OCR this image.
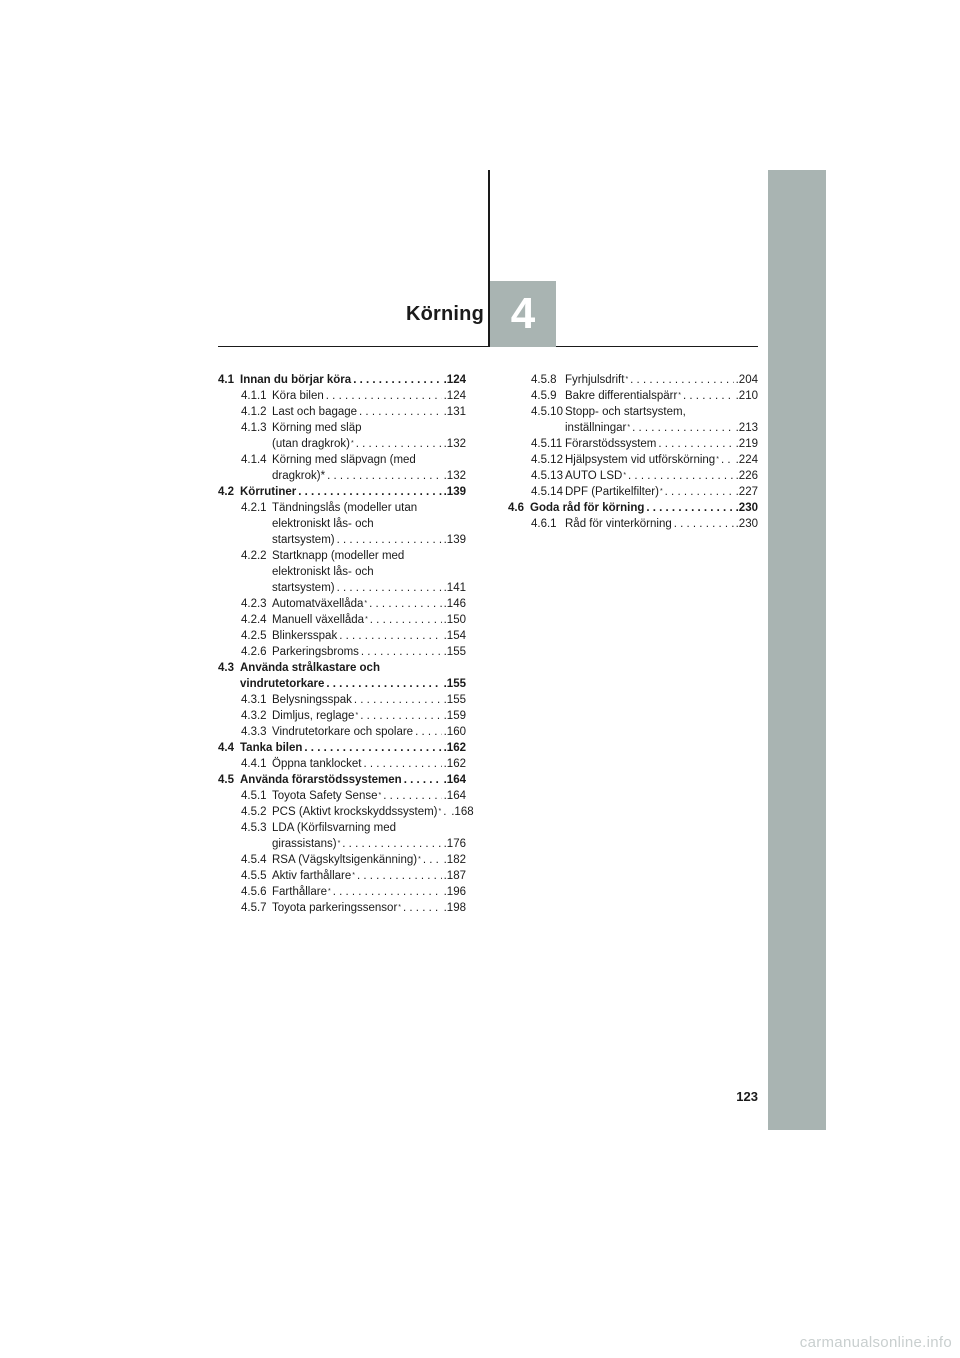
Körning 4
4.1 Innan du börjar köra . . .	.124
4.1.1 Köra bilen . . .	.124
4.1.2 Last och bagage . . .	.131
4.1.3 Körning med släp
(utan dragkrok) * . . .	.132
4.1.4 Körning med släpvagn (med
dragkrok)* . . .	.132
4.2 Körrutiner . . .	.139
4.2.1 Tändningslås (modeller utan
elektroniskt lås- och
startsystem) . . .	.139
4.2.2 Startknapp (modeller med
elektroniskt lås- och
startsystem) . . .	.141
4.2.3 Automatväxellåda * . . .	.146
4.2.4 Manuell växellåda * . . .	.150
4.2.5 Blinkersspak . . .	.154
4.2.6 Parkeringsbroms . . .	.155
4.3 Använda strålkastare och
vindrutetorkare . . .	.155
4.3.1 Belysningsspak . . .	.155
4.3.2 Dimljus, reglage * . . .	.159
4.3.3 Vindrutetorkare och spolare . . .	.160
4.4 Tanka bilen . . .	.162
4.4.1 Öppna tanklocket . . .	.162
4.5 Använda förarstödssystemen . . .	.164
4.5.1 Toyota Safety Sense * . . .	.164
4.5.2 PCS (Aktivt krockskyddssystem) * . . . .168
4.5.3 LDA (Körfilsvarning med
girassistans) * . . .	.176
4.5.4 RSA (Vägskyltsigenkänning) * . . . .182
4.5.5 Aktiv farthållare * . . .	.187
4.5.6 Farthållare * . . .	.196
4.5.7 Toyota parkeringssensor * . . .	.198
4.5.8 Fyrhjulsdrift * . . .	.204
4.5.9 Bakre differentialspärr * . . .	.210
4.5.10 Stopp- och startsystem,
inställningar * . . .	.213
4.5.11 Förarstödssystem . . .	.219
4.5.12 Hjälpsystem vid utförskörning * . . . .224
4.5.13 AUTO LSD * . . .	.226
4.5.14 DPF (Partikelfilter) * . . .	.227
4.6 Goda råd för körning . . .	.230
4.6.1 Råd för vinterkörning . . .	.230
123
carmanualsonline.info
